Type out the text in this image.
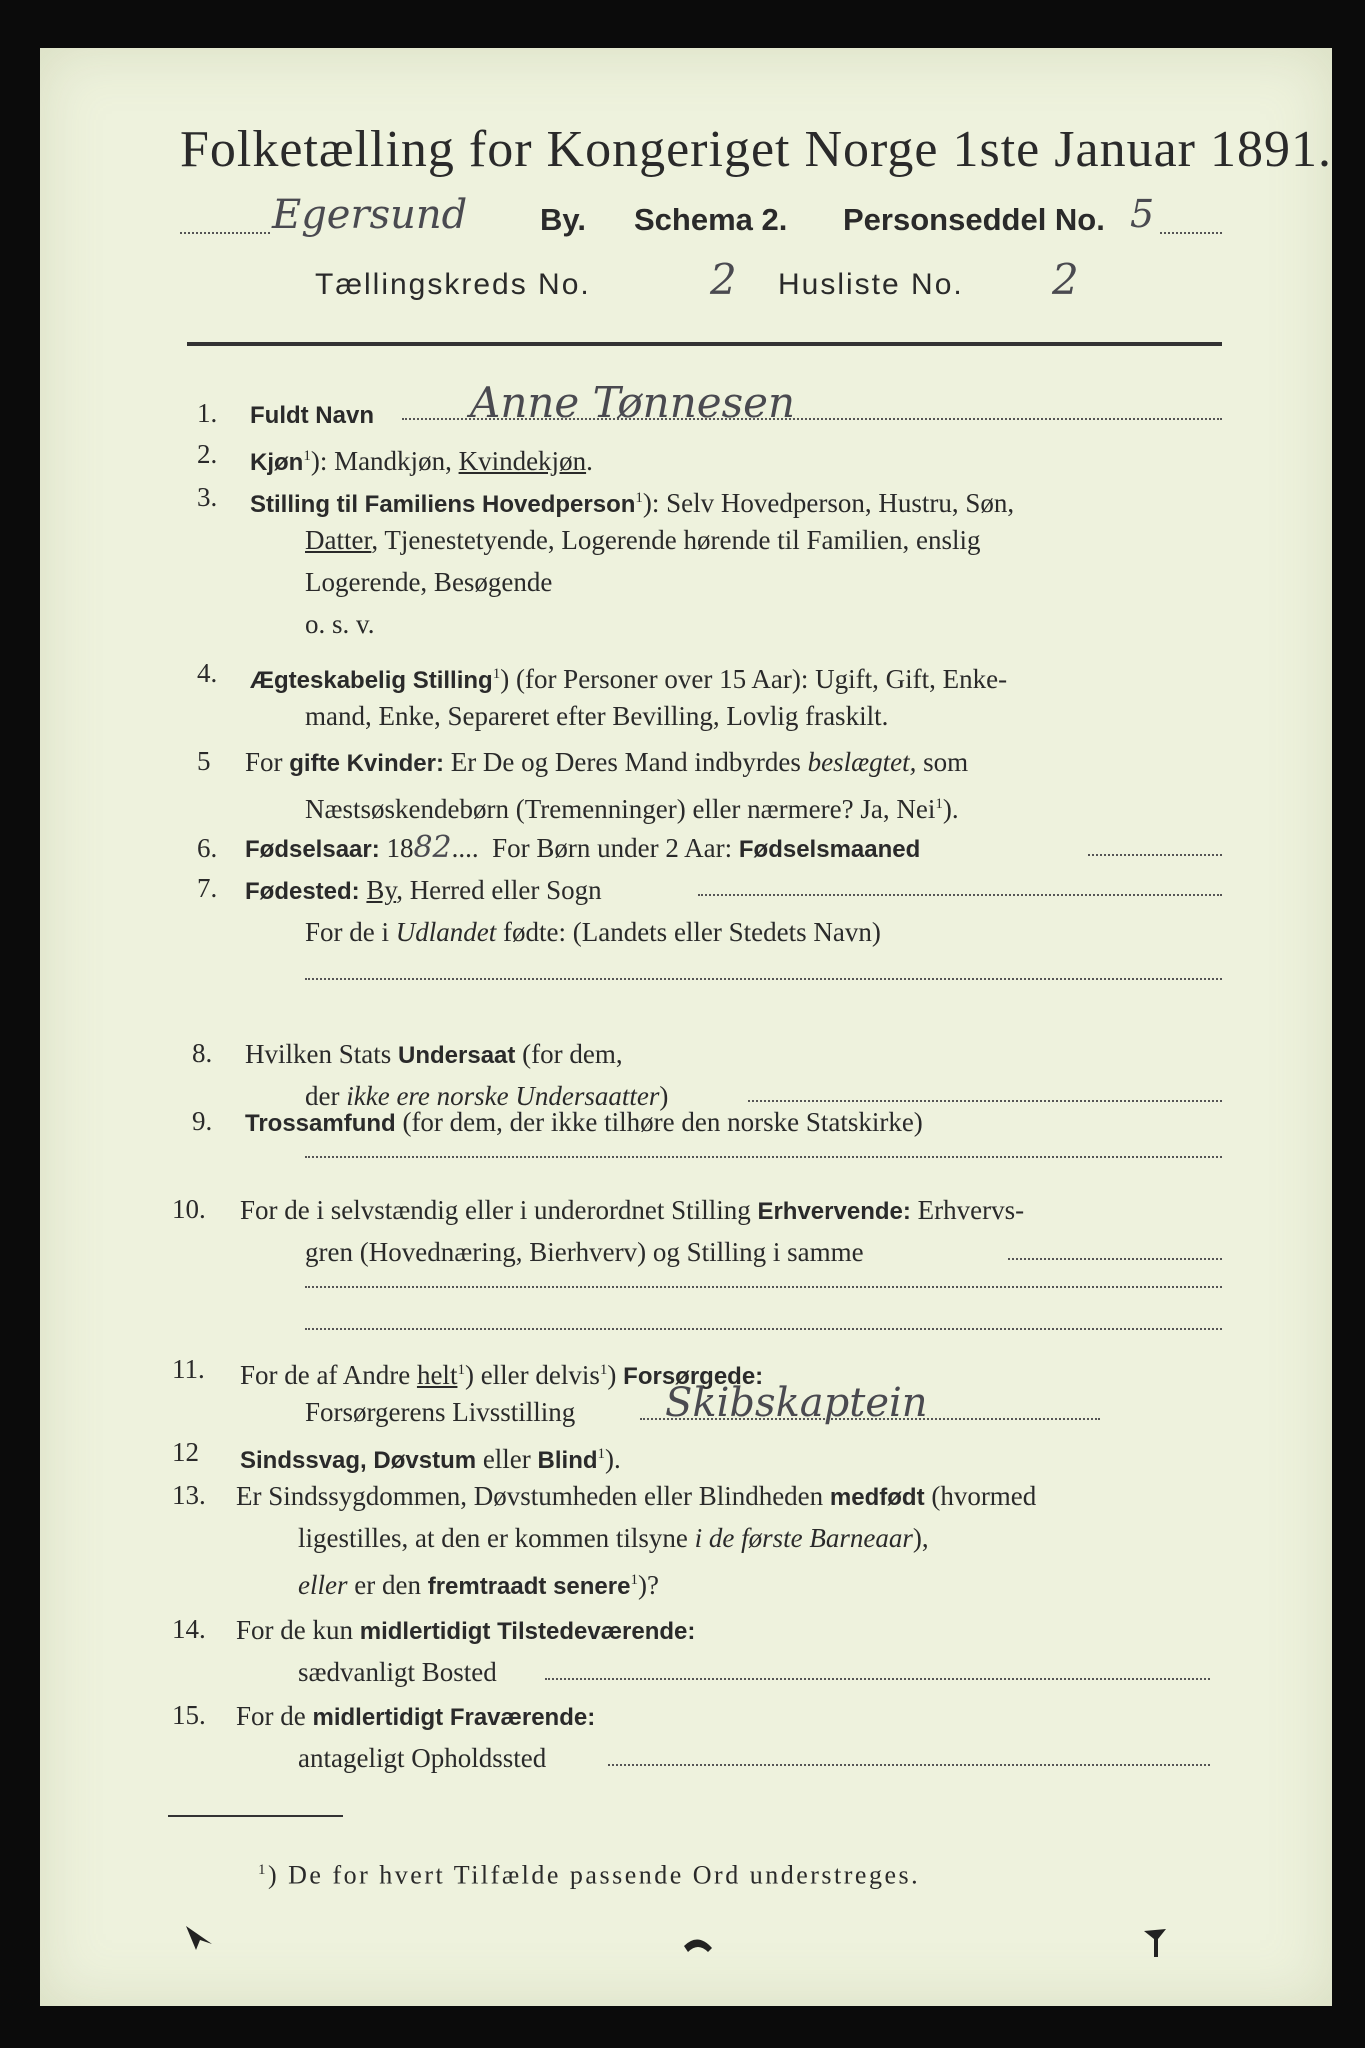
Folketælling for Kongeriget Norge 1ste Januar 1891.
Egersund By. Schema 2. Personseddel No. 5
Tællingskreds No.	2 Husliste No. 2
1. Fuldt Navn Anne Tønnesen
2. Kjøn$^1$): Mandkjøn, Kvindekjøn.
3. Stilling til Familiens Hovedperson$^1$): Selv Hovedperson, Hustru, Søn,
Datter, Tjenestetyende, Logerende hørende til Familien, enslig
Logerende, Besøgende
o. s. v.
4. Ægteskabelig Stilling$^1$) (for Personer over 15 Aar): Ugift, Gift, Enke-
mand, Enke, Separeret efter Bevilling, Lovlig fraskilt.
5 For gifte Kvinder: Er De og Deres Mand indbyrdes beslægtet, som
Næstsøskendebørn (Tremenninger) eller nærmere? Ja, Nei$^1$).
6. Fødselsaar: 1882....  For Børn under 2 Aar: Fødselsmaaned
7. Fødested: By, Herred eller Sogn
For de i Udlandet fødte: (Landets eller Stedets Navn)
8. Hvilken Stats Undersaat (for dem,
der ikke ere norske Undersaatter)
9. Trossamfund (for dem, der ikke tilhøre den norske Statskirke)
10. For de i selvstændig eller i underordnet Stilling Erhvervende: Erhvervs-
gren (Hovednæring, Bierhverv) og Stilling i samme
11. For de af Andre helt$^1$) eller delvis$^1$) Forsørgede:
Forsørgerens Livsstilling Skibskaptein
12 Sindssvag, Døvstum eller Blind$^1$).
13. Er Sindssygdommen, Døvstumheden eller Blindheden medfødt (hvormed
ligestilles, at den er kommen tilsyne i de første Barneaar),
eller er den fremtraadt senere$^1$)?
14. For de kun midlertidigt Tilstedeværende:
sædvanligt Bosted
15. For de midlertidigt Fraværende:
antageligt Opholdssted
$^1$) De for hvert Tilfælde passende Ord understreges.
